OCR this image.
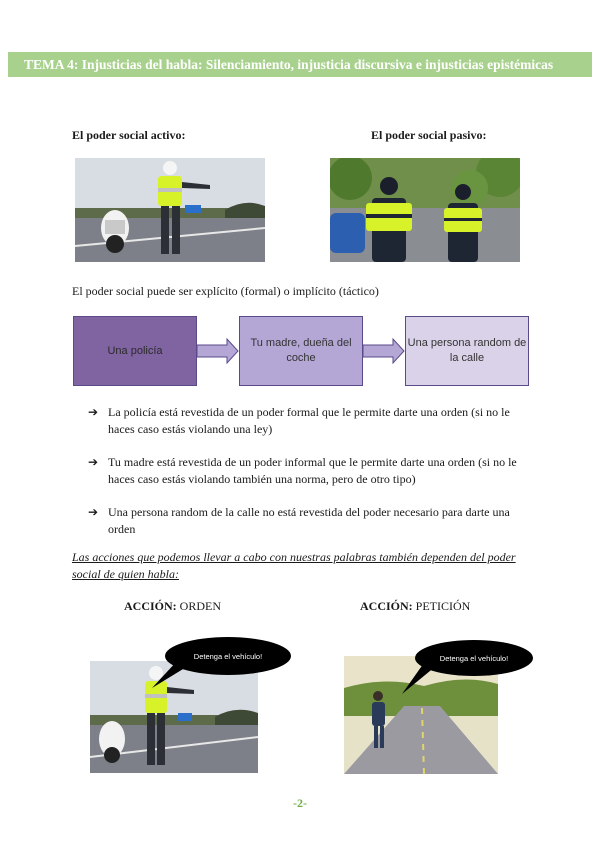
TEMA 4: Injusticias del habla: Silenciamiento, injusticia discursiva e injusticias epistémicas
El poder social activo:	El poder social pasivo:
El poder social puede ser explícito (formal) o implícito (táctico)
Una policía
Tu madre, dueña del coche
Una persona random de la calle
➔ La policía está revestida de un poder formal que le permite darte una orden (si no le haces caso estás violando una ley)
➔ Tu madre está revestida de un poder informal que le permite darte una orden (si no le haces caso estás violando también una norma, pero de otro tipo)
➔ Una persona random de la calle no está revestida del poder necesario para darte una orden
Las acciones que podemos llevar a cabo con nuestras palabras también dependen del poder social de quien habla:
ACCIÓN: ORDEN	ACCIÓN: PETICIÓN
Detenga el vehículo!	Detenga el vehículo!
-2-
